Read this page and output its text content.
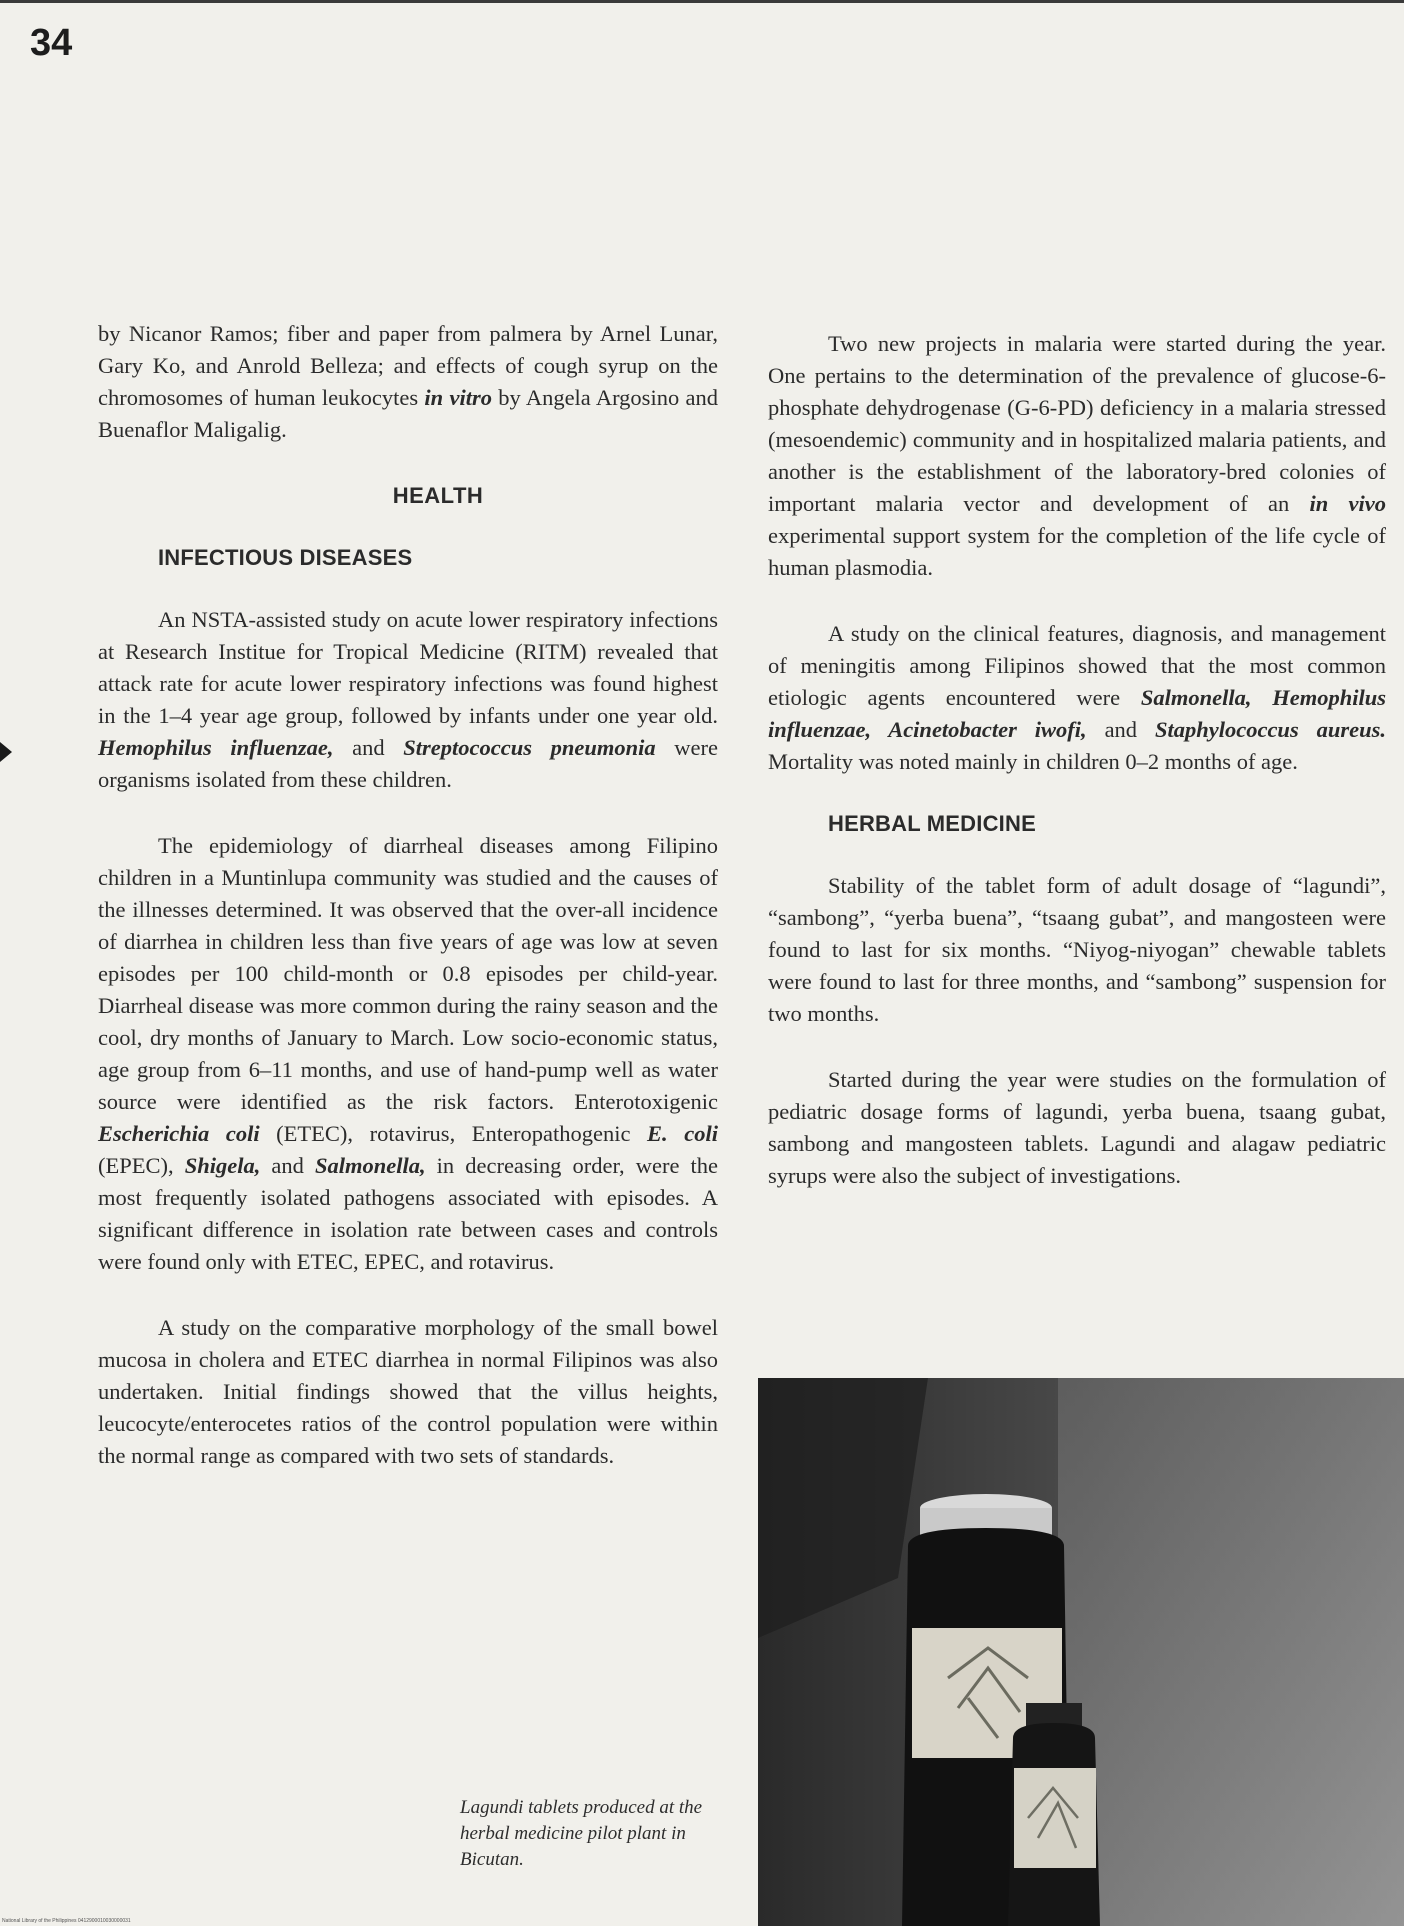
34

by Nicanor Ramos; fiber and paper from palmera by Arnel Lunar, Gary Ko, and Anrold Belleza; and effects of cough syrup on the chromosomes of human leukocytes in vitro by Angela Argosino and Buenaflor Maligalig.

HEALTH

INFECTIOUS DISEASES

An NSTA-assisted study on acute lower respiratory infections at Research Institue for Tropical Medicine (RITM) revealed that attack rate for acute lower respiratory infections was found highest in the 1–4 year age group, followed by infants under one year old. Hemophilus influenzae, and Streptococcus pneumonia were organisms isolated from these children.

The epidemiology of diarrheal diseases among Filipino children in a Muntinlupa community was studied and the causes of the illnesses determined. It was observed that the over-all incidence of diarrhea in children less than five years of age was low at seven episodes per 100 child-month or 0.8 episodes per child-year. Diarrheal disease was more common during the rainy season and the cool, dry months of January to March. Low socio-economic status, age group from 6–11 months, and use of hand-pump well as water source were identified as the risk factors. Enterotoxigenic Escherichia coli (ETEC), rotavirus, Enteropathogenic E. coli (EPEC), Shigela, and Salmonella, in decreasing order, were the most frequently isolated pathogens associated with episodes. A significant difference in isolation rate between cases and controls were found only with ETEC, EPEC, and rotavirus.

A study on the comparative morphology of the small bowel mucosa in cholera and ETEC diarrhea in normal Filipinos was also undertaken. Initial findings showed that the villus heights, leucocyte/enterocetes ratios of the control population were within the normal range as compared with two sets of standards.

Two new projects in malaria were started during the year. One pertains to the determination of the prevalence of glucose-6-phosphate dehydrogenase (G-6-PD) deficiency in a malaria stressed (mesoendemic) community and in hospitalized malaria patients, and another is the establishment of the laboratory-bred colonies of important malaria vector and development of an in vivo experimental support system for the completion of the life cycle of human plasmodia.

A study on the clinical features, diagnosis, and management of meningitis among Filipinos showed that the most common etiologic agents encountered were Salmonella, Hemophilus influenzae, Acinetobacter iwofi, and Staphylococcus aureus. Mortality was noted mainly in children 0–2 months of age.

HERBAL MEDICINE

Stability of the tablet form of adult dosage of “lagundi”, “sambong”, “yerba buena”, “tsaang gubat”, and mangosteen were found to last for six months. “Niyog-niyogan” chewable tablets were found to last for three months, and “sambong” suspension for two months.

Started during the year were studies on the formulation of pediatric dosage forms of lagundi, yerba buena, tsaang gubat, sambong and mangosteen tablets. Lagundi and alagaw pediatric syrups were also the subject of investigations.

Lagundi tablets produced at the herbal medicine pilot plant in Bicutan.
National Library of the Philippines 0412900010030000031
